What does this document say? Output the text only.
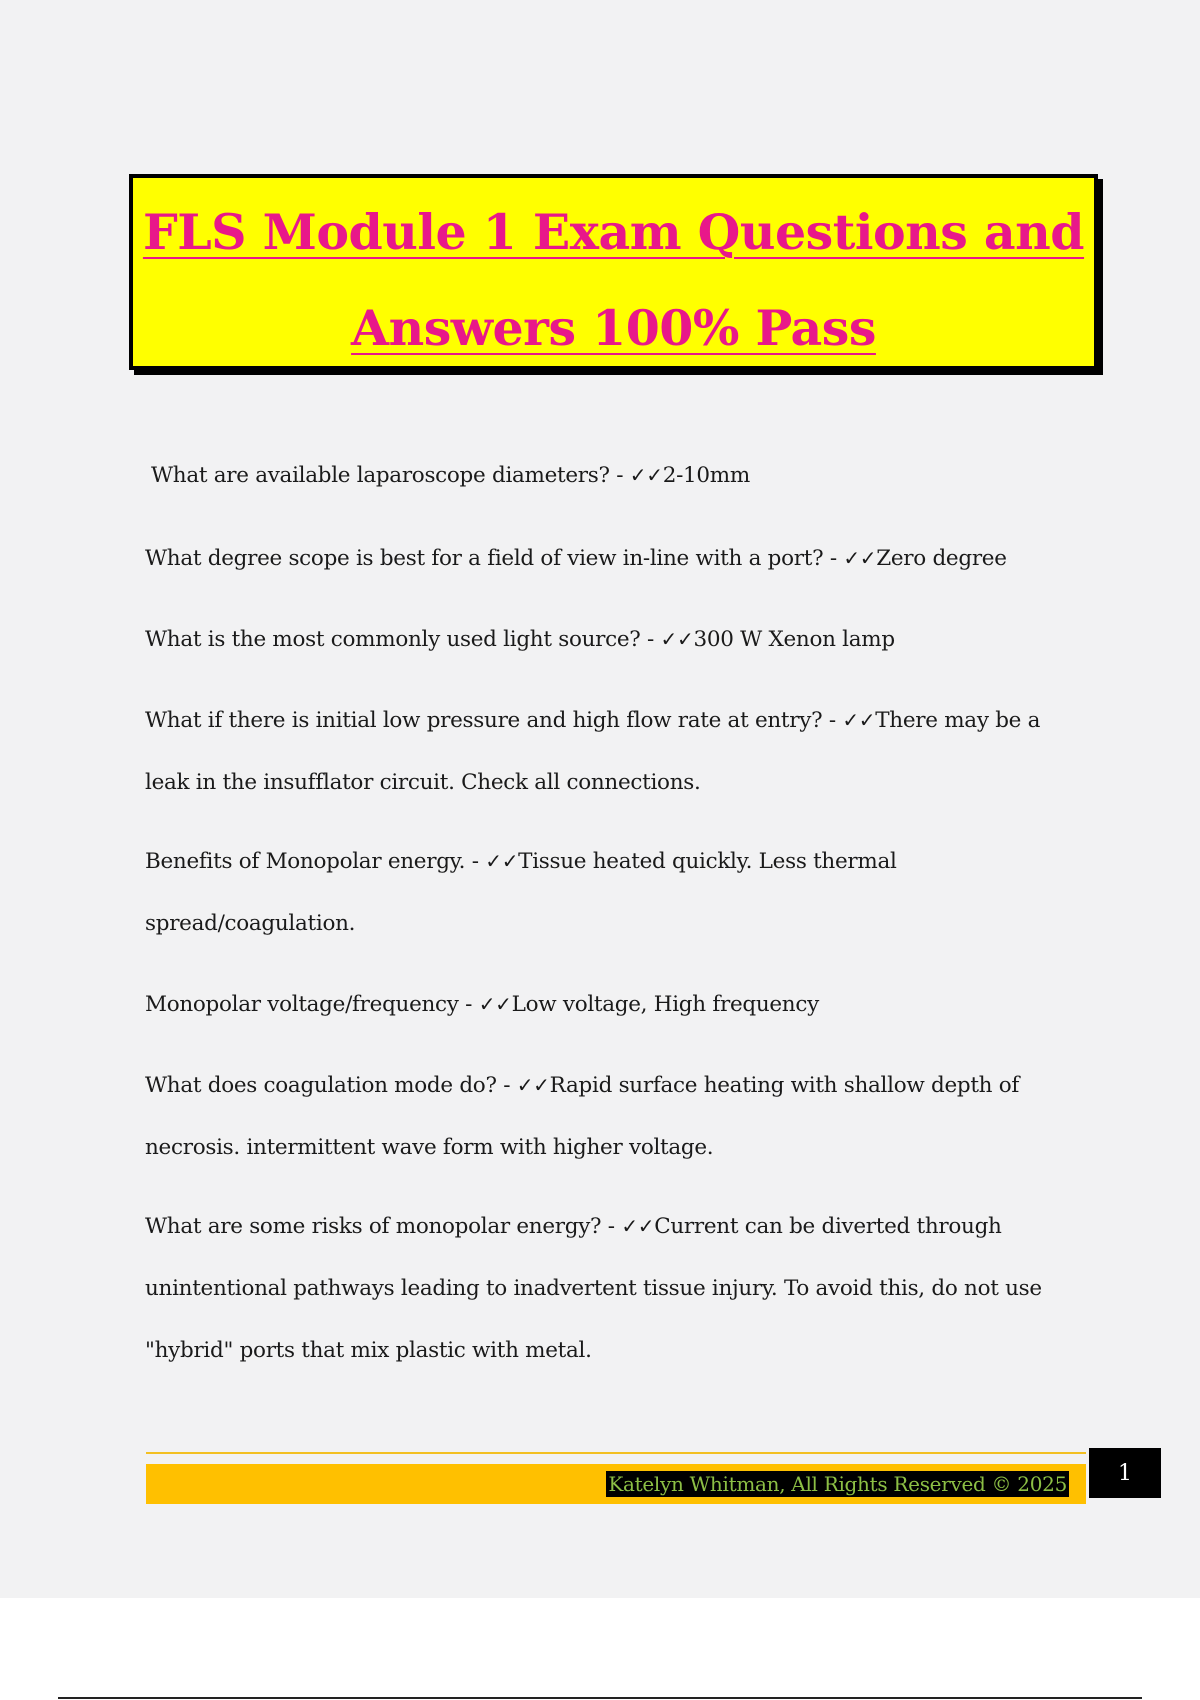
FLS Module 1 Exam Questions and
Answers 100% Pass
What are available laparoscope diameters? - ✓✓2-10mm
What degree scope is best for a field of view in-line with a port? - ✓✓Zero degree
What is the most commonly used light source? - ✓✓300 W Xenon lamp
What if there is initial low pressure and high flow rate at entry? - ✓✓There may be a
leak in the insufflator circuit. Check all connections.
Benefits of Monopolar energy. - ✓✓Tissue heated quickly. Less thermal
spread/coagulation.
Monopolar voltage/frequency - ✓✓Low voltage, High frequency
What does coagulation mode do? - ✓✓Rapid surface heating with shallow depth of
necrosis. intermittent wave form with higher voltage.
What are some risks of monopolar energy? - ✓✓Current can be diverted through
unintentional pathways leading to inadvertent tissue injury. To avoid this, do not use
"hybrid" ports that mix plastic with metal.
Katelyn Whitman, All Rights Reserved © 2025	1
